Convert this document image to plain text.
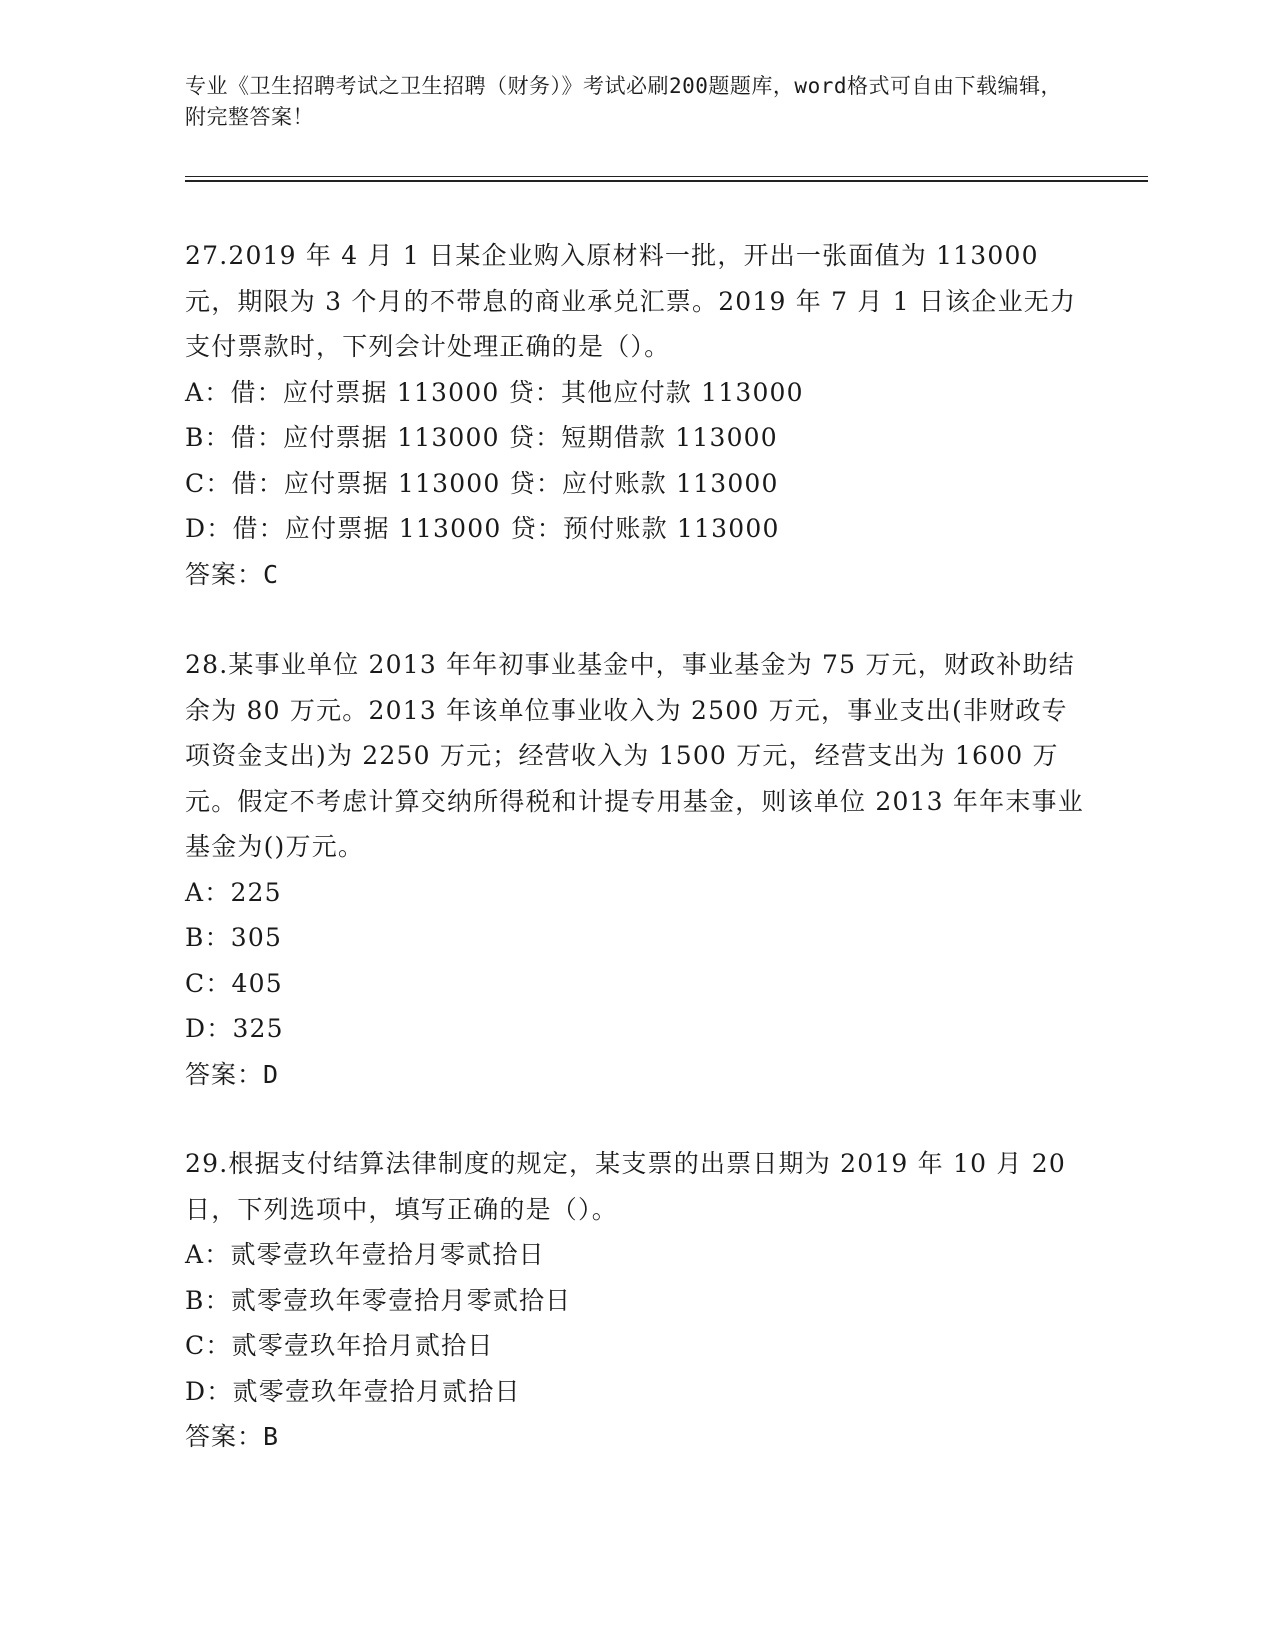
专业《卫生招聘考试之卫生招聘（财务）》考试必刷200题题库，word格式可自由下载编辑，附完整答案！
27.2019 年 4 月 1 日某企业购入原材料一批，开出一张面值为 113000 元，期限为 3 个月的不带息的商业承兑汇票。2019 年 7 月 1 日该企业无力支付票款时，下列会计处理正确的是（）。
A：借：应付票据 113000 贷：其他应付款 113000
B：借：应付票据 113000 贷：短期借款 113000
C：借：应付票据 113000 贷：应付账款 113000
D：借：应付票据 113000 贷：预付账款 113000
答案：C
28.某事业单位 2013 年年初事业基金中，事业基金为 75 万元，财政补助结余为 80 万元。2013 年该单位事业收入为 2500 万元，事业支出(非财政专项资金支出)为 2250 万元；经营收入为 1500 万元，经营支出为 1600 万元。假定不考虑计算交纳所得税和计提专用基金，则该单位 2013 年年末事业基金为()万元。
A：225
B：305
C：405
D：325
答案：D
29.根据支付结算法律制度的规定，某支票的出票日期为 2019 年 10 月 20 日，下列选项中，填写正确的是（）。
A：贰零壹玖年壹拾月零贰拾日
B：贰零壹玖年零壹拾月零贰拾日
C：贰零壹玖年拾月贰拾日
D：贰零壹玖年壹拾月贰拾日
答案：B
